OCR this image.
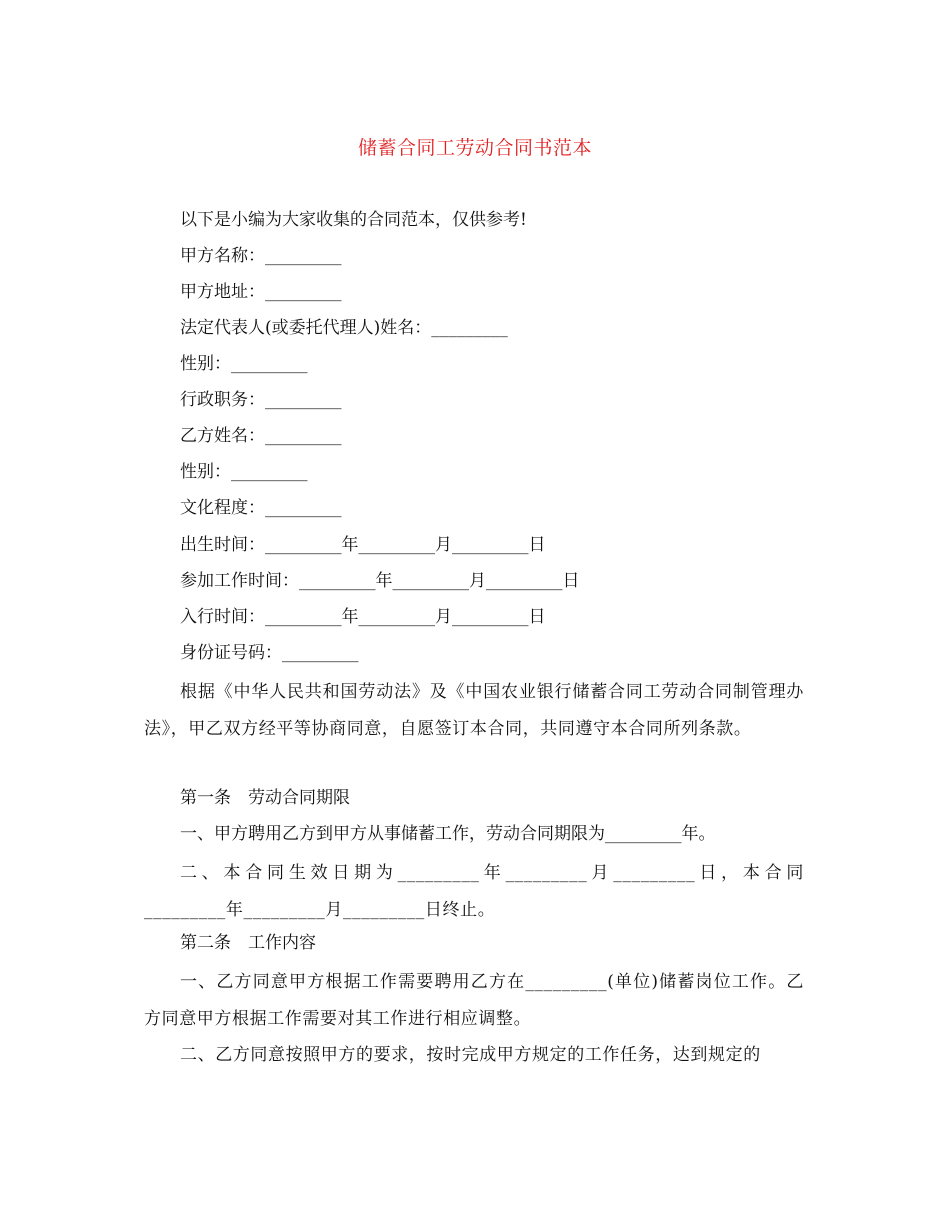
储蓄合同工劳动合同书范本
以下是小编为大家收集的合同范本，仅供参考!
甲方名称：_________
甲方地址：_________
法定代表人(或委托代理人)姓名：_________
性别：_________
行政职务：_________
乙方姓名：_________
性别：_________
文化程度：_________
出生时间：_________年_________月_________日
参加工作时间：_________年_________月_________日
入行时间：_________年_________月_________日
身份证号码：_________
根据《中华人民共和国劳动法》及《中国农业银行储蓄合同工劳动合同制管理办法》，甲乙双方经平等协商同意，自愿签订本合同，共同遵守本合同所列条款。
第一条　劳动合同期限
一、甲方聘用乙方到甲方从事储蓄工作，劳动合同期限为_________年。
二、本合同生效日期为_________年_________月_________日，本合同_________年_________月_________日终止。
第二条　工作内容
一、乙方同意甲方根据工作需要聘用乙方在_________(单位)储蓄岗位工作。乙方同意甲方根据工作需要对其工作进行相应调整。
二、乙方同意按照甲方的要求，按时完成甲方规定的工作任务，达到规定的
